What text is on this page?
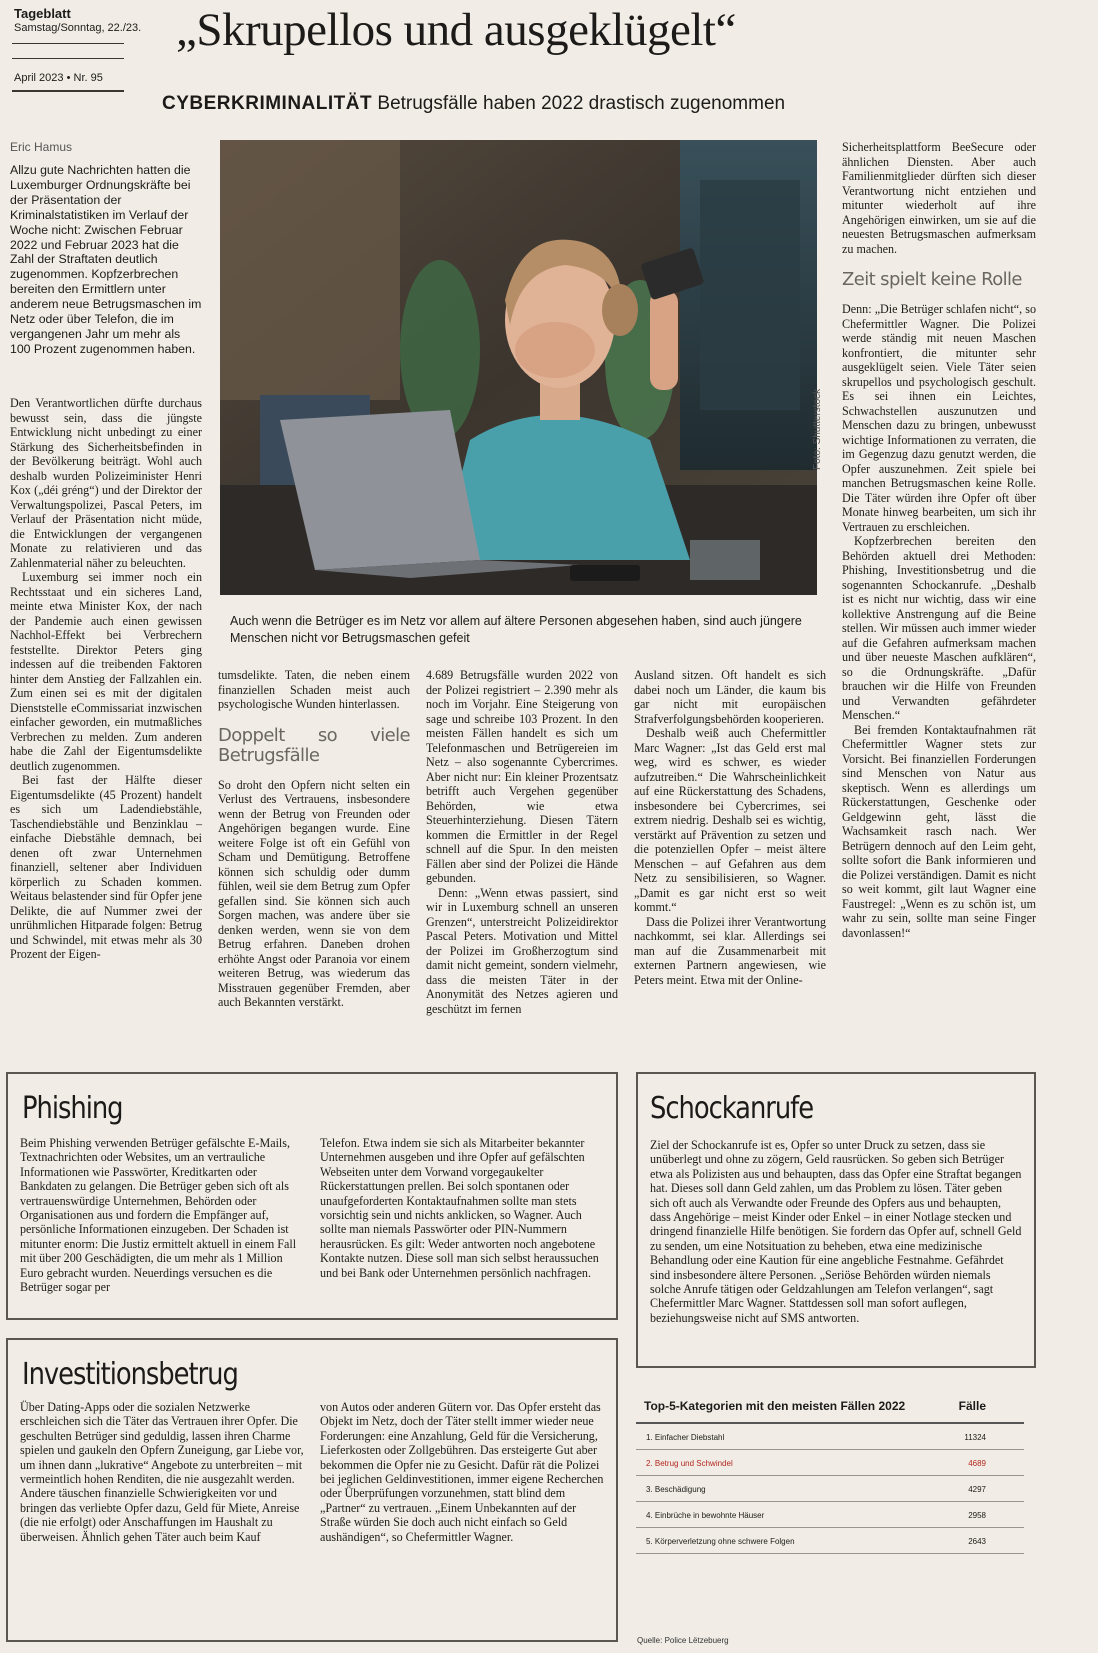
Tageblatt
Samstag/Sonntag, 22./23.
April 2023 • Nr. 95
„Skrupellos und ausgeklügelt“
CYBERKRIMINALITÄT Betrugsfälle haben 2022 drastisch zugenommen
Eric Hamus

Allzu gute Nachrichten hatten die Luxemburger Ordnungskräfte bei der Präsentation der Kriminalstatistiken im Verlauf der Woche nicht: Zwischen Februar 2022 und Februar 2023 hat die Zahl der Straftaten deutlich zugenommen. Kopfzerbrechen bereiten den Ermittlern unter anderem neue Betrugsmaschen im Netz oder über Telefon, die im vergangenen Jahr um mehr als 100 Prozent zugenommen haben.

Den Verantwortlichen dürfte durchaus bewusst sein, dass die jüngste Entwicklung nicht unbedingt zu einer Stärkung des Sicherheitsbefinden in der Bevölkerung beiträgt. Wohl auch deshalb wurden Polizeiminister Henri Kox („déi gréng“) und der Direktor der Verwaltungspolizei, Pascal Peters, im Verlauf der Präsentation nicht müde, die Entwicklungen der vergangenen Monate zu relativieren und das Zahlenmaterial näher zu beleuchten.

Luxemburg sei immer noch ein Rechtsstaat und ein sicheres Land, meinte etwa Minister Kox, der nach der Pandemie auch einen gewissen Nachhol-Effekt bei Verbrechern feststellte. Direktor Peters ging indessen auf die treibenden Faktoren hinter dem Anstieg der Fallzahlen ein. Zum einen sei es mit der digitalen Dienststelle eCommissariat inzwischen einfacher geworden, ein mutmaßliches Verbrechen zu melden. Zum anderen habe die Zahl der Eigentumsdelikte deutlich zugenommen.

Bei fast der Hälfte dieser Eigentumsdelikte (45 Prozent) handelt es sich um Ladendiebstähle, Taschendiebstähle und Benzinklau – einfache Diebstähle demnach, bei denen oft zwar Unternehmen finanziell, seltener aber Individuen körperlich zu Schaden kommen. Weitaus belastender sind für Opfer jene Delikte, die auf Nummer zwei der unrühmlichen Hitparade folgen: Betrug und Schwindel, mit etwas mehr als 30 Prozent der Eigen-

Foto: Shutterstock
Auch wenn die Betrüger es im Netz vor allem auf ältere Personen abgesehen haben, sind auch jüngere Menschen nicht vor Betrugsmaschen gefeit

tumsdelikte. Taten, die neben einem finanziellen Schaden meist auch psychologische Wunden hinterlassen.

Doppelt so viele Betrugsfälle

So droht den Opfern nicht selten ein Verlust des Vertrauens, insbesondere wenn der Betrug von Freunden oder Angehörigen begangen wurde. Eine weitere Folge ist oft ein Gefühl von Scham und Demütigung. Betroffene können sich schuldig oder dumm fühlen, weil sie dem Betrug zum Opfer gefallen sind. Sie können sich auch Sorgen machen, was andere über sie denken werden, wenn sie von dem Betrug erfahren. Daneben drohen erhöhte Angst oder Paranoia vor einem weiteren Betrug, was wiederum das Misstrauen gegenüber Fremden, aber auch Bekannten verstärkt.

4.689 Betrugsfälle wurden 2022 von der Polizei registriert – 2.390 mehr als noch im Vorjahr. Eine Steigerung von sage und schreibe 103 Prozent. In den meisten Fällen handelt es sich um Telefonmaschen und Betrügereien im Netz – also sogenannte Cybercrimes. Aber nicht nur: Ein kleiner Prozentsatz betrifft auch Vergehen gegenüber Behörden, wie etwa Steuerhinterziehung. Diesen Tätern kommen die Ermittler in der Regel schnell auf die Spur. In den meisten Fällen aber sind der Polizei die Hände gebunden.

Denn: „Wenn etwas passiert, sind wir in Luxemburg schnell an unseren Grenzen“, unterstreicht Polizeidirektor Pascal Peters. Motivation und Mittel der Polizei im Großherzogtum sind damit nicht gemeint, sondern vielmehr, dass die meisten Täter in der Anonymität des Netzes agieren und geschützt im fernen

Ausland sitzen. Oft handelt es sich dabei noch um Länder, die kaum bis gar nicht mit europäischen Strafverfolgungsbehörden kooperieren.

Deshalb weiß auch Chefermittler Marc Wagner: „Ist das Geld erst mal weg, wird es schwer, es wieder aufzutreiben.“ Die Wahrscheinlichkeit auf eine Rückerstattung des Schadens, insbesondere bei Cybercrimes, sei extrem niedrig. Deshalb sei es wichtig, verstärkt auf Prävention zu setzen und die potenziellen Opfer – meist ältere Menschen – auf Gefahren aus dem Netz zu sensibilisieren, so Wagner. „Damit es gar nicht erst so weit kommt.“

Dass die Polizei ihrer Verantwortung nachkommt, sei klar. Allerdings sei man auf die Zusammenarbeit mit externen Partnern angewiesen, wie Peters meint. Etwa mit der Online-

Sicherheitsplattform BeeSecure oder ähnlichen Diensten. Aber auch Familienmitglieder dürften sich dieser Verantwortung nicht entziehen und mitunter wiederholt auf ihre Angehörigen einwirken, um sie auf die neuesten Betrugsmaschen aufmerksam zu machen.

Zeit spielt keine Rolle

Denn: „Die Betrüger schlafen nicht“, so Chefermittler Wagner. Die Polizei werde ständig mit neuen Maschen konfrontiert, die mitunter sehr ausgeklügelt seien. Viele Täter seien skrupellos und psychologisch geschult. Es sei ihnen ein Leichtes, Schwachstellen auszunutzen und Menschen dazu zu bringen, unbewusst wichtige Informationen zu verraten, die im Gegenzug dazu genutzt werden, die Opfer auszunehmen. Zeit spiele bei manchen Betrugsmaschen keine Rolle. Die Täter würden ihre Opfer oft über Monate hinweg bearbeiten, um sich ihr Vertrauen zu erschleichen.

Kopfzerbrechen bereiten den Behörden aktuell drei Methoden: Phishing, Investitionsbetrug und die sogenannten Schockanrufe. „Deshalb ist es nicht nur wichtig, dass wir eine kollektive Anstrengung auf die Beine stellen. Wir müssen auch immer wieder auf die Gefahren aufmerksam machen und über neueste Maschen aufklären“, so die Ordnungskräfte. „Dafür brauchen wir die Hilfe von Freunden und Verwandten gefährdeter Menschen.“

Bei fremden Kontaktaufnahmen rät Chefermittler Wagner stets zur Vorsicht. Bei finanziellen Forderungen sind Menschen von Natur aus skeptisch. Wenn es allerdings um Rückerstattungen, Geschenke oder Geldgewinn geht, lässt die Wachsamkeit rasch nach. Wer Betrügern dennoch auf den Leim geht, sollte sofort die Bank informieren und die Polizei verständigen. Damit es nicht so weit kommt, gilt laut Wagner eine Faustregel: „Wenn es zu schön ist, um wahr zu sein, sollte man seine Finger davonlassen!“

Phishing

Beim Phishing verwenden Betrüger gefälschte E-Mails, Textnachrichten oder Websites, um an vertrauliche Informationen wie Passwörter, Kreditkarten oder Bankdaten zu gelangen. Die Betrüger geben sich oft als vertrauenswürdige Unternehmen, Behörden oder Organisationen aus und fordern die Empfänger auf, persönliche Informationen einzugeben. Der Schaden ist mitunter enorm: Die Justiz ermittelt aktuell in einem Fall mit über 200 Geschädigten, die um mehr als 1 Million Euro gebracht wurden. Neuerdings versuchen es die Betrüger sogar per

Telefon. Etwa indem sie sich als Mitarbeiter bekannter Unternehmen ausgeben und ihre Opfer auf gefälschten Webseiten unter dem Vorwand vorgegaukelter Rückerstattungen prellen. Bei solch spontanen oder unaufgeforderten Kontaktaufnahmen sollte man stets vorsichtig sein und nichts anklicken, so Wagner. Auch sollte man niemals Passwörter oder PIN-Nummern herausrücken. Es gilt: Weder antworten noch angebotene Kontakte nutzen. Diese soll man sich selbst heraussuchen und bei Bank oder Unternehmen persönlich nachfragen.

Investitionsbetrug

Über Dating-Apps oder die sozialen Netzwerke erschleichen sich die Täter das Vertrauen ihrer Opfer. Die geschulten Betrüger sind geduldig, lassen ihren Charme spielen und gaukeln den Opfern Zuneigung, gar Liebe vor, um ihnen dann „lukrative“ Angebote zu unterbreiten – mit vermeintlich hohen Renditen, die nie ausgezahlt werden. Andere täuschen finanzielle Schwierigkeiten vor und bringen das verliebte Opfer dazu, Geld für Miete, Anreise (die nie erfolgt) oder Anschaffungen im Haushalt zu überweisen. Ähnlich gehen Täter auch beim Kauf

von Autos oder anderen Gütern vor. Das Opfer ersteht das Objekt im Netz, doch der Täter stellt immer wieder neue Forderungen: eine Anzahlung, Geld für die Versicherung, Lieferkosten oder Zollgebühren. Das ersteigerte Gut aber bekommen die Opfer nie zu Gesicht. Dafür rät die Polizei bei jeglichen Geldinvestitionen, immer eigene Recherchen oder Überprüfungen vorzunehmen, statt blind dem „Partner“ zu vertrauen. „Einem Unbekannten auf der Straße würden Sie doch auch nicht einfach so Geld aushändigen“, so Chefermittler Wagner.

Schockanrufe

Ziel der Schockanrufe ist es, Opfer so unter Druck zu setzen, dass sie unüberlegt und ohne zu zögern, Geld rausrücken. So geben sich Betrüger etwa als Polizisten aus und behaupten, dass das Opfer eine Straftat begangen hat. Dieses soll dann Geld zahlen, um das Problem zu lösen. Täter geben sich oft auch als Verwandte oder Freunde des Opfers aus und behaupten, dass Angehörige – meist Kinder oder Enkel – in einer Notlage stecken und dringend finanzielle Hilfe benötigen. Sie fordern das Opfer auf, schnell Geld zu senden, um eine Notsituation zu beheben, etwa eine medizinische Behandlung oder eine Kaution für eine angebliche Festnahme. Gefährdet sind insbesondere ältere Personen. „Seriöse Behörden würden niemals solche Anrufe tätigen oder Geldzahlungen am Telefon verlangen“, sagt Chefermittler Marc Wagner. Stattdessen soll man sofort auflegen, beziehungsweise nicht auf SMS antworten.

Top-5-Kategorien mit den meisten Fällen 2022	Fälle
1. Einfacher Diebstahl	11324
2. Betrug und Schwindel	4689
3. Beschädigung	4297
4. Einbrüche in bewohnte Häuser	2958
5. Körperverletzung ohne schwere Folgen	2643
Quelle: Police Lëtzebuerg
